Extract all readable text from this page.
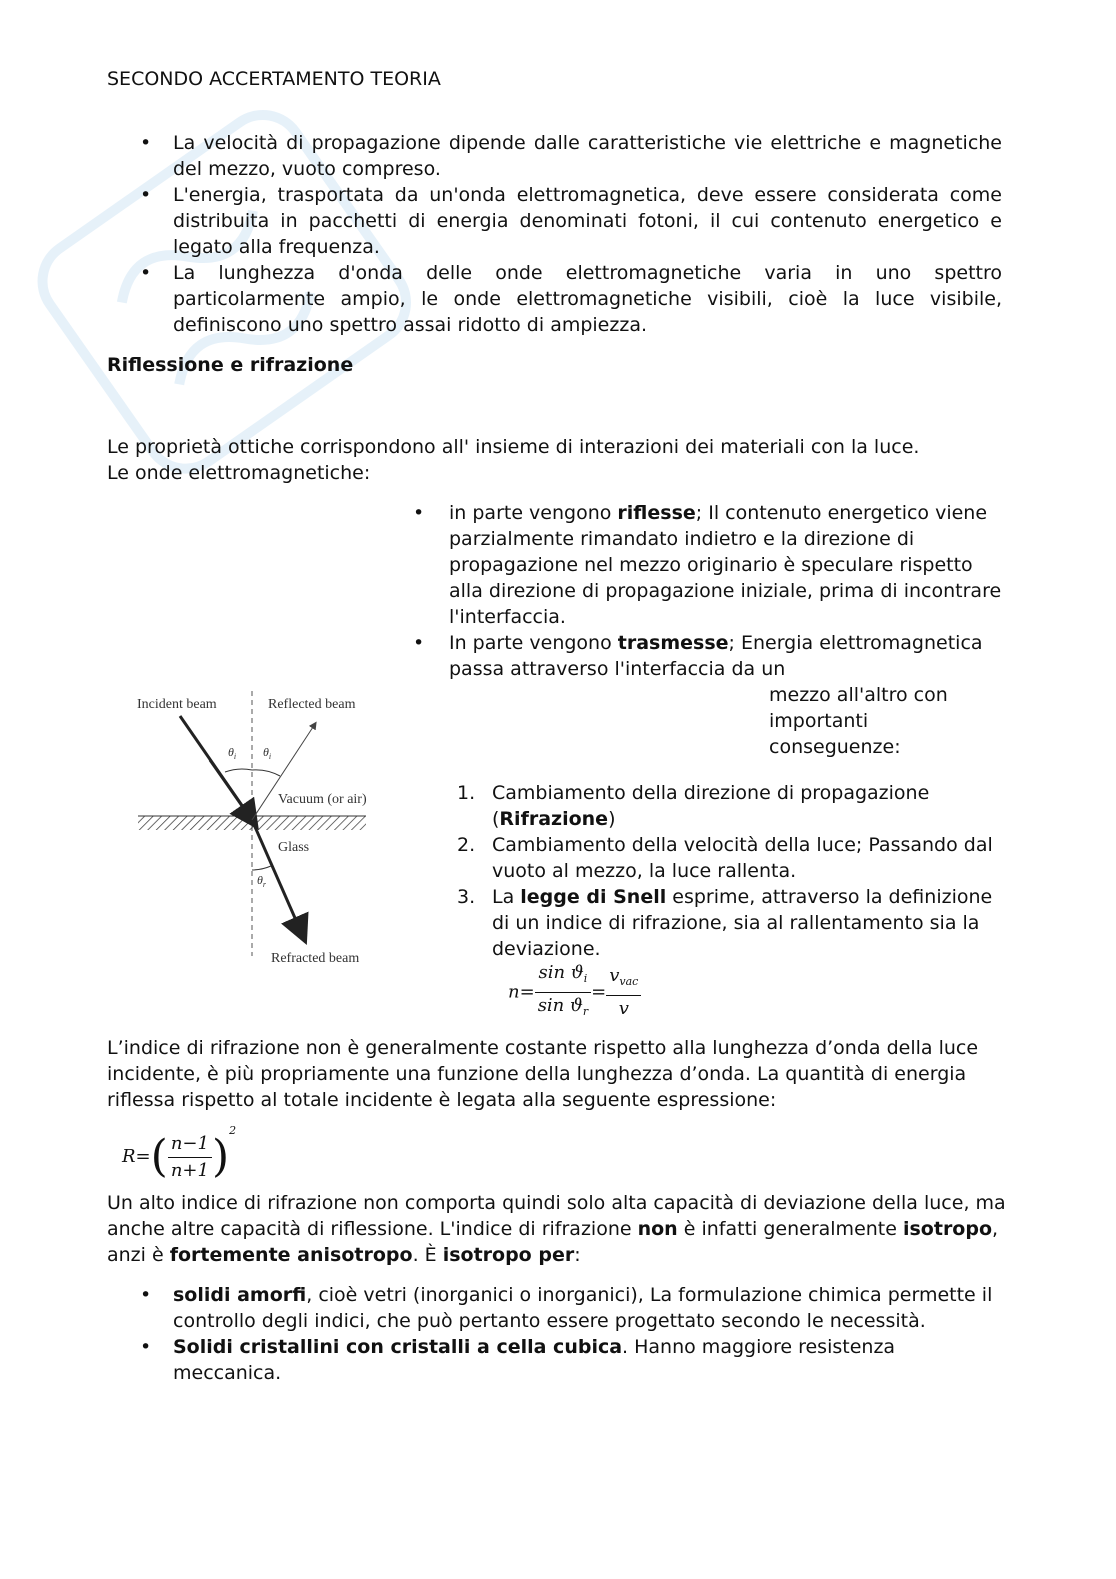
SECONDO ACCERTAMENTO TEORIA
• La velocità di propagazione dipende dalle caratteristiche vie elettriche e magnetiche del mezzo, vuoto compreso.
• L'energia, trasportata da un'onda elettromagnetica, deve essere considerata come distribuita in pacchetti di energia denominati fotoni, il cui contenuto energetico e legato alla frequenza.
• La lunghezza d'onda delle onde elettromagnetiche varia in uno spettro particolarmente ampio, le onde elettromagnetiche visibili, cioè la luce visibile, definiscono uno spettro assai ridotto di ampiezza.
Riflessione e rifrazione
Le proprietà ottiche corrispondono all' insieme di interazioni dei materiali con la luce.
Le onde elettromagnetiche:
• in parte vengono riflesse; Il contenuto energetico viene parzialmente rimandato indietro e la direzione di propagazione nel mezzo originario è speculare rispetto alla direzione di propagazione iniziale, prima di incontrare l'interfaccia.
• In parte vengono trasmesse; Energia elettromagnetica passa attraverso l'interfaccia da un
mezzo all'altro con
importanti
conseguenze:
Incident beam	Reflected beam
$\theta_i$ $\theta_i$
$\theta_r$
Vacuum (or air)
Glass
Refracted beam
1. Cambiamento della direzione di propagazione (Rifrazione)
2. Cambiamento della velocità della luce; Passando dal vuoto al mezzo, la luce rallenta.
3. La legge di Snell esprime, attraverso la definizione di un indice di rifrazione, sia al rallentamento sia la deviazione.
$n= \frac{\sin ϑ_i}{\sin ϑ_r} = \frac{v_{vac}}{v}$
L’indice di rifrazione non è generalmente costante rispetto alla lunghezza d’onda della luce incidente, è più propriamente una funzione della lunghezza d’onda. La quantità di energia riflessa rispetto al totale incidente è legata alla seguente espressione:
$R=( \frac{n-1}{n+1} )^2$
Un alto indice di rifrazione non comporta quindi solo alta capacità di deviazione della luce, ma anche altre capacità di riflessione. L'indice di rifrazione non è infatti generalmente isotropo, anzi è fortemente anisotropo. È isotropo per:
• solidi amorfi, cioè vetri (inorganici o inorganici), La formulazione chimica permette il controllo degli indici, che può pertanto essere progettato secondo le necessità.
• Solidi cristallini con cristalli a cella cubica. Hanno maggiore resistenza meccanica.
